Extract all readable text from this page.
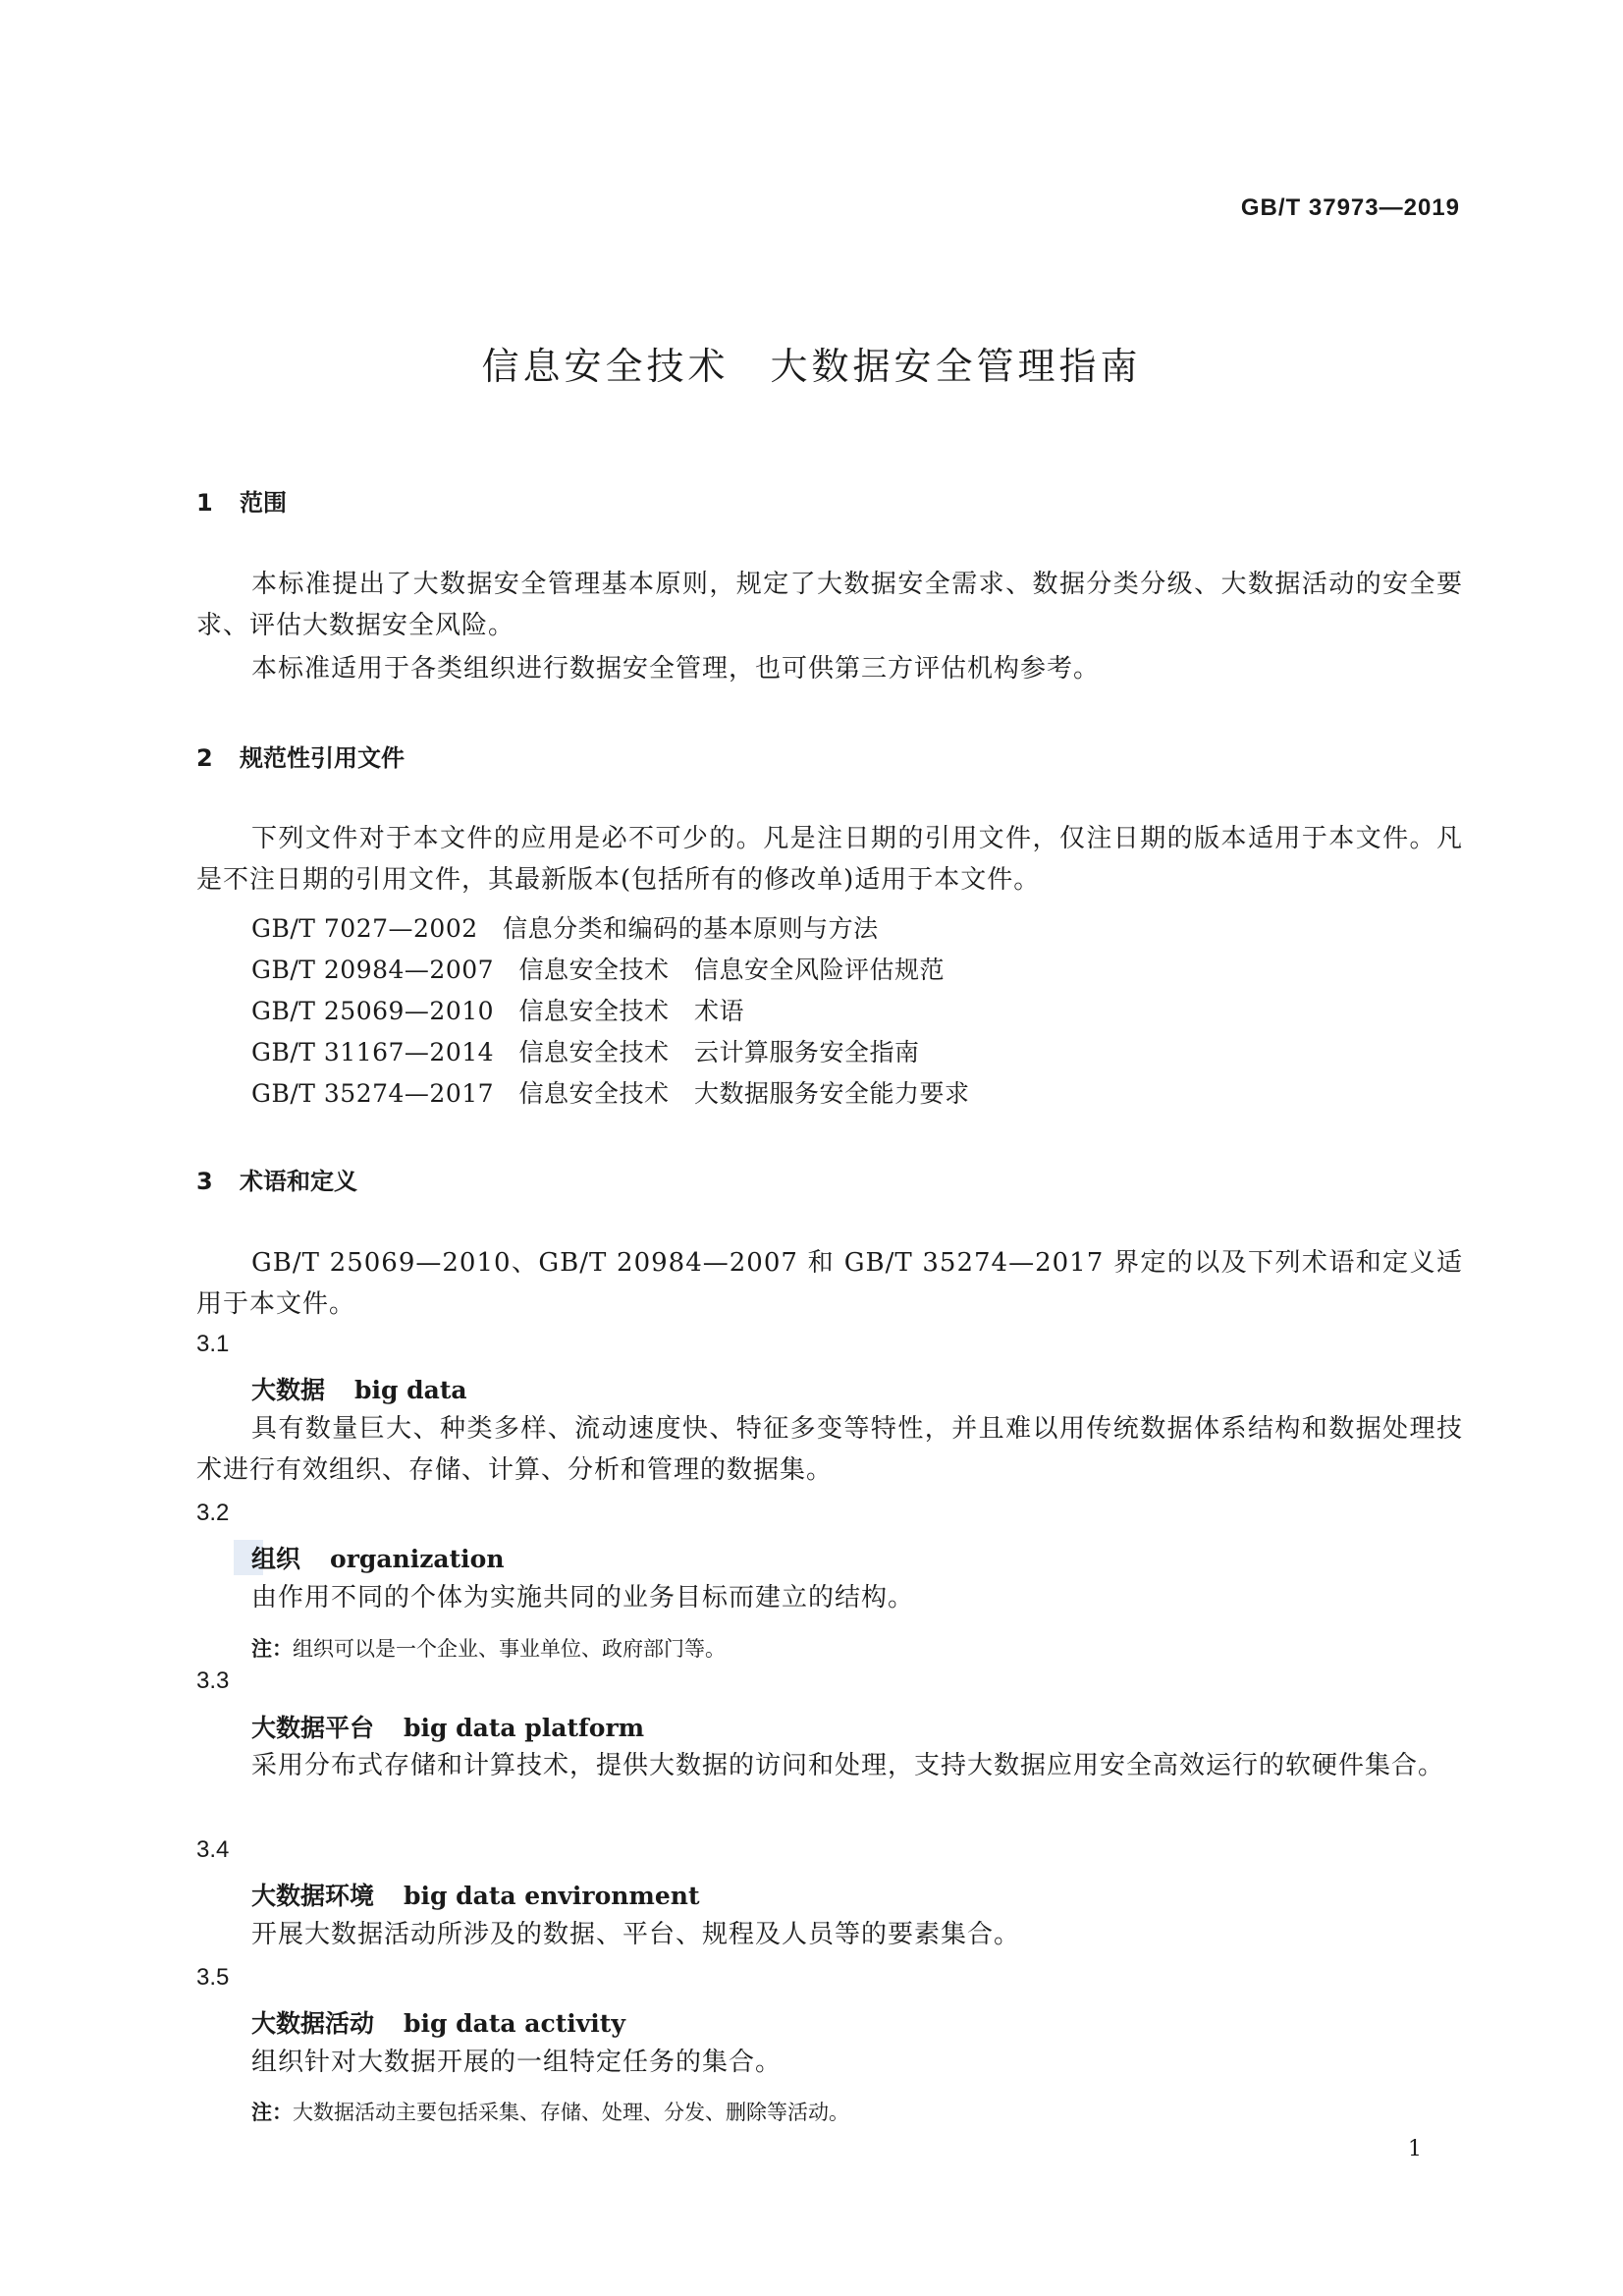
GB/T 37973—2019
信息安全技术　大数据安全管理指南
1 范围
本标准提出了大数据安全管理基本原则，规定了大数据安全需求、数据分类分级、大数据活动的安全要求、评估大数据安全风险。
本标准适用于各类组织进行数据安全管理，也可供第三方评估机构参考。
2 规范性引用文件
下列文件对于本文件的应用是必不可少的。凡是注日期的引用文件，仅注日期的版本适用于本文件。凡是不注日期的引用文件，其最新版本(包括所有的修改单)适用于本文件。
GB/T 7027—2002　信息分类和编码的基本原则与方法
GB/T 20984—2007　信息安全技术　信息安全风险评估规范
GB/T 25069—2010　信息安全技术　术语
GB/T 31167—2014　信息安全技术　云计算服务安全指南
GB/T 35274—2017　信息安全技术　大数据服务安全能力要求
3 术语和定义
GB/T 25069—2010、GB/T 20984—2007 和 GB/T 35274—2017 界定的以及下列术语和定义适用于本文件。
3.1
大数据 big data
具有数量巨大、种类多样、流动速度快、特征多变等特性，并且难以用传统数据体系结构和数据处理技术进行有效组织、存储、计算、分析和管理的数据集。
3.2
组织 organization
由作用不同的个体为实施共同的业务目标而建立的结构。
注：组织可以是一个企业、事业单位、政府部门等。
3.3
大数据平台 big data platform
采用分布式存储和计算技术，提供大数据的访问和处理，支持大数据应用安全高效运行的软硬件集合。
3.4
大数据环境 big data environment
开展大数据活动所涉及的数据、平台、规程及人员等的要素集合。
3.5
大数据活动 big data activity
组织针对大数据开展的一组特定任务的集合。
注：大数据活动主要包括采集、存储、处理、分发、删除等活动。
1
